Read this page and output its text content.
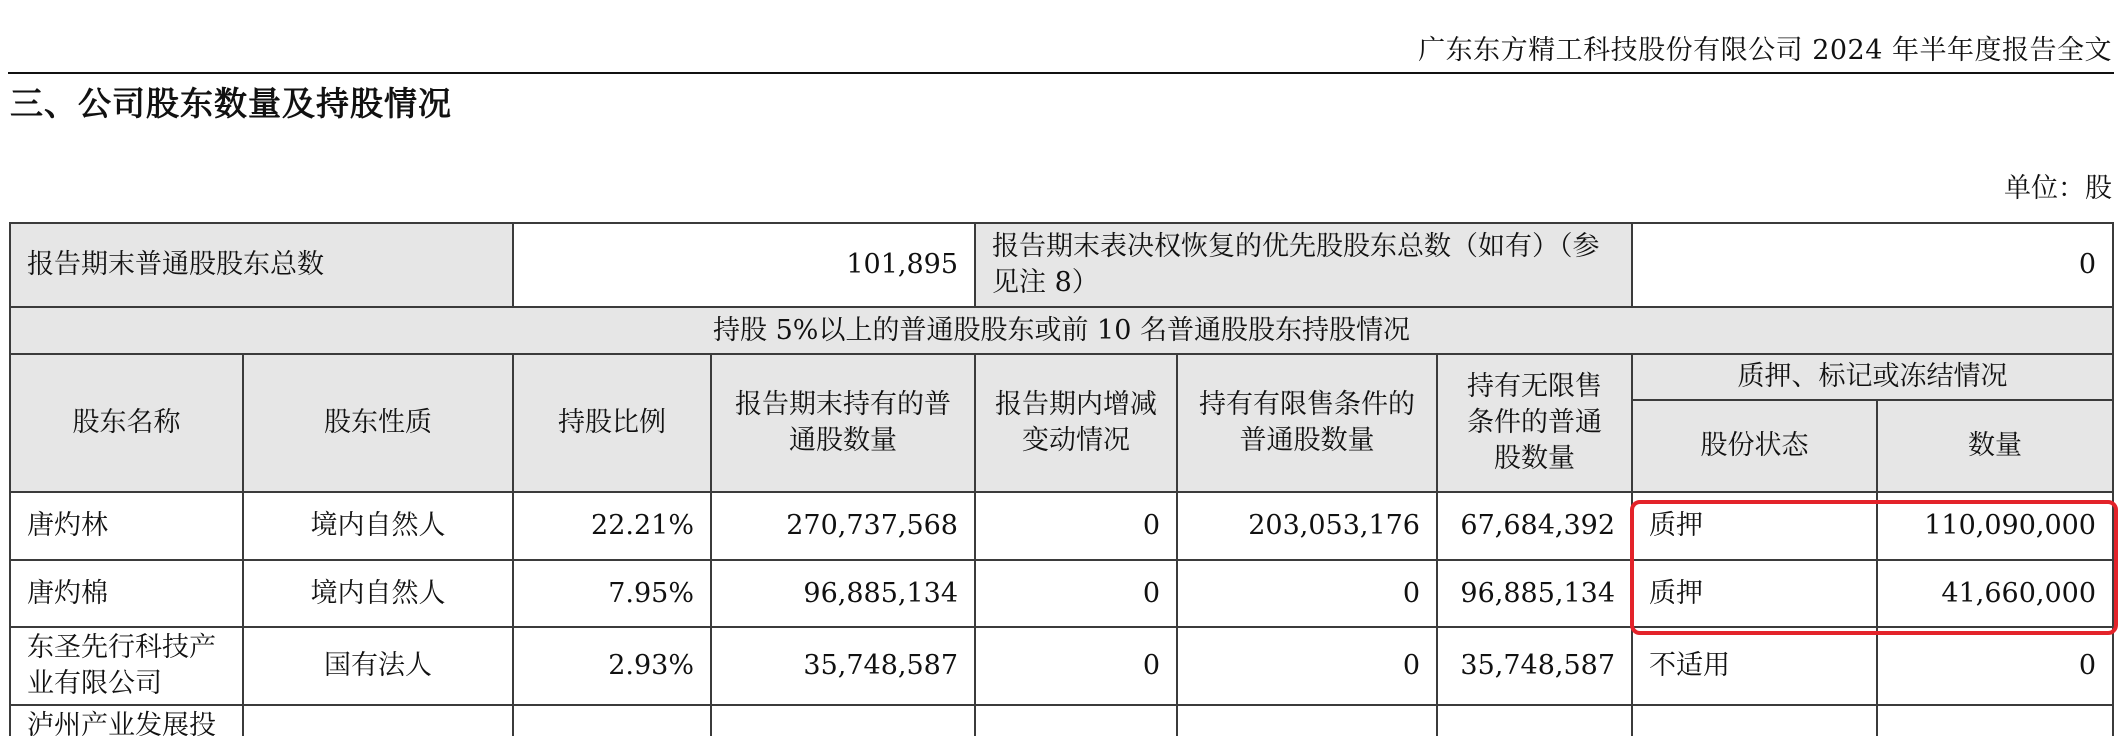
广东东方精工科技股份有限公司 2024 年半年度报告全文
三、公司股东数量及持股情况
单位：股
报告期末普通股股东总数		101,895		报告期末表决权恢复的优先股股东总数（如有）（参见注 8）			0	
持股 5%以上的普通股股东或前 10 名普通股股东持股情况								
股东名称	股东性质	持股比例	报告期末持有的普通股数量	报告期内增减变动情况	持有有限售条件的普通股数量	持有无限售条件的普通股数量	质押、标记或冻结情况	
							股份状态	数量
唐灼林	境内自然人	22.21%	270,737,568	0	203,053,176	67,684,392	质押	110,090,000
唐灼棉	境内自然人	7.95%	96,885,134	0	0	96,885,134	质押	41,660,000
东圣先行科技产业有限公司	国有法人	2.93%	35,748,587	0	0	35,748,587	不适用	0
泸州产业发展投								
